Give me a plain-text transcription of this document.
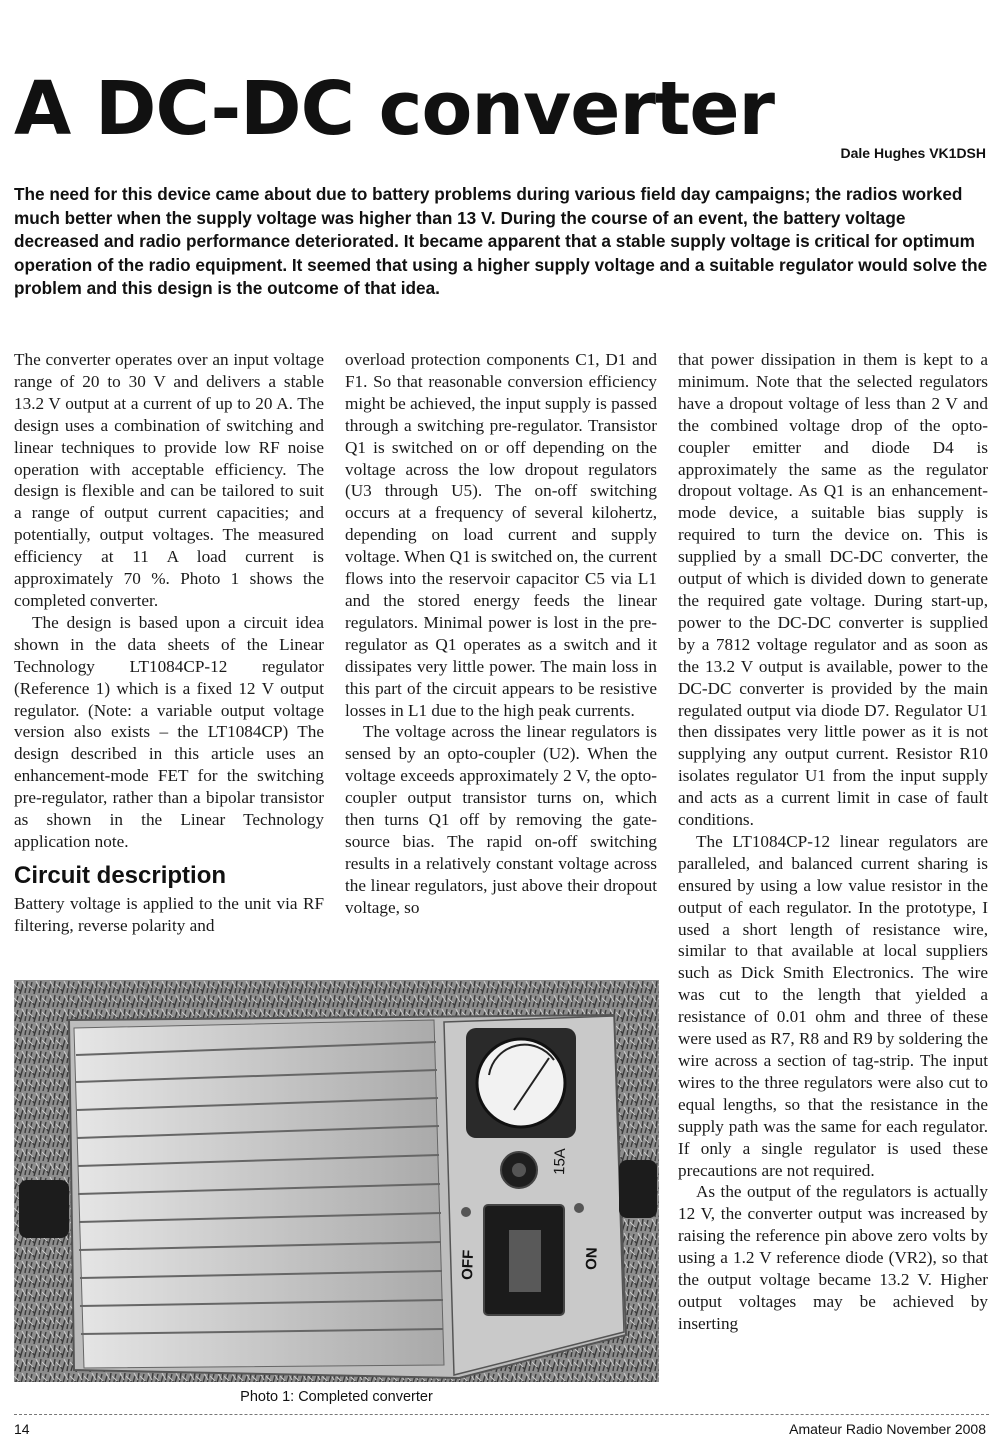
A DC-DC converter
Dale Hughes VK1DSH

The need for this device came about due to battery problems during various field day campaigns; the radios worked much better when the supply voltage was higher than 13 V. During the course of an event, the battery voltage decreased and radio performance deteriorated. It became apparent that a stable supply voltage is critical for optimum operation of the radio equipment. It seemed that using a higher supply voltage and a suitable regulator would solve the problem and this design is the outcome of that idea.

The converter operates over an input voltage range of 20 to 30 V and delivers a stable 13.2 V output at a current of up to 20 A. The design uses a combination of switching and linear techniques to provide low RF noise operation with acceptable efficiency. The design is flexible and can be tailored to suit a range of output current capacities; and potentially, output voltages. The measured efficiency at 11 A load current is approximately 70 %. Photo 1 shows the completed converter.

The design is based upon a circuit idea shown in the data sheets of the Linear Technology LT1084CP-12 regulator (Reference 1) which is a fixed 12 V output regulator. (Note: a variable output voltage version also exists – the LT1084CP) The design described in this article uses an enhancement-mode FET for the switching pre-regulator, rather than a bipolar transistor as shown in the Linear Technology application note.

Circuit description

Battery voltage is applied to the unit via RF filtering, reverse polarity and

overload protection components C1, D1 and F1. So that reasonable conversion efficiency might be achieved, the input supply is passed through a switching pre-regulator. Transistor Q1 is switched on or off depending on the voltage across the low dropout regulators (U3 through U5). The on-off switching occurs at a frequency of several kilohertz, depending on load current and supply voltage. When Q1 is switched on, the current flows into the reservoir capacitor C5 via L1 and the stored energy feeds the linear regulators. Minimal power is lost in the pre-regulator as Q1 operates as a switch and it dissipates very little power. The main loss in this part of the circuit appears to be resistive losses in L1 due to the high peak currents.

The voltage across the linear regulators is sensed by an opto-coupler (U2). When the voltage exceeds approximately 2 V, the opto-coupler output transistor turns on, which then turns Q1 off by removing the gate-source bias. The rapid on-off switching results in a relatively constant voltage across the linear regulators, just above their dropout voltage, so

that power dissipation in them is kept to a minimum. Note that the selected regulators have a dropout voltage of less than 2 V and the combined voltage drop of the opto-coupler emitter and diode D4 is approximately the same as the regulator dropout voltage. As Q1 is an enhancement-mode device, a suitable bias supply is required to turn the device on. This is supplied by a small DC-DC converter, the output of which is divided down to generate the required gate voltage. During start-up, power to the DC-DC converter is supplied by a 7812 voltage regulator and as soon as the 13.2 V output is available, power to the DC-DC converter is provided by the main regulated output via diode D7. Regulator U1 then dissipates very little power as it is not supplying any output current. Resistor R10 isolates regulator U1 from the input supply and acts as a current limit in case of fault conditions.

The LT1084CP-12 linear regulators are paralleled, and balanced current sharing is ensured by using a low value resistor in the output of each regulator. In the prototype, I used a short length of resistance wire, similar to that available at local suppliers such as Dick Smith Electronics. The wire was cut to the length that yielded a resistance of 0.01 ohm and three of these were used as R7, R8 and R9 by soldering the wire across a section of tag-strip. The input wires to the three regulators were also cut to equal lengths, so that the resistance in the supply path was the same for each regulator. If only a single regulator is used these precautions are not required.

As the output of the regulators is actually 12 V, the converter output was increased by raising the reference pin above zero volts by using a 1.2 V reference diode (VR2), so that the output voltage became 13.2 V. Higher output voltages may be achieved by inserting

15A
OFF	ON
Photo 1: Completed converter
14	Amateur Radio November 2008
